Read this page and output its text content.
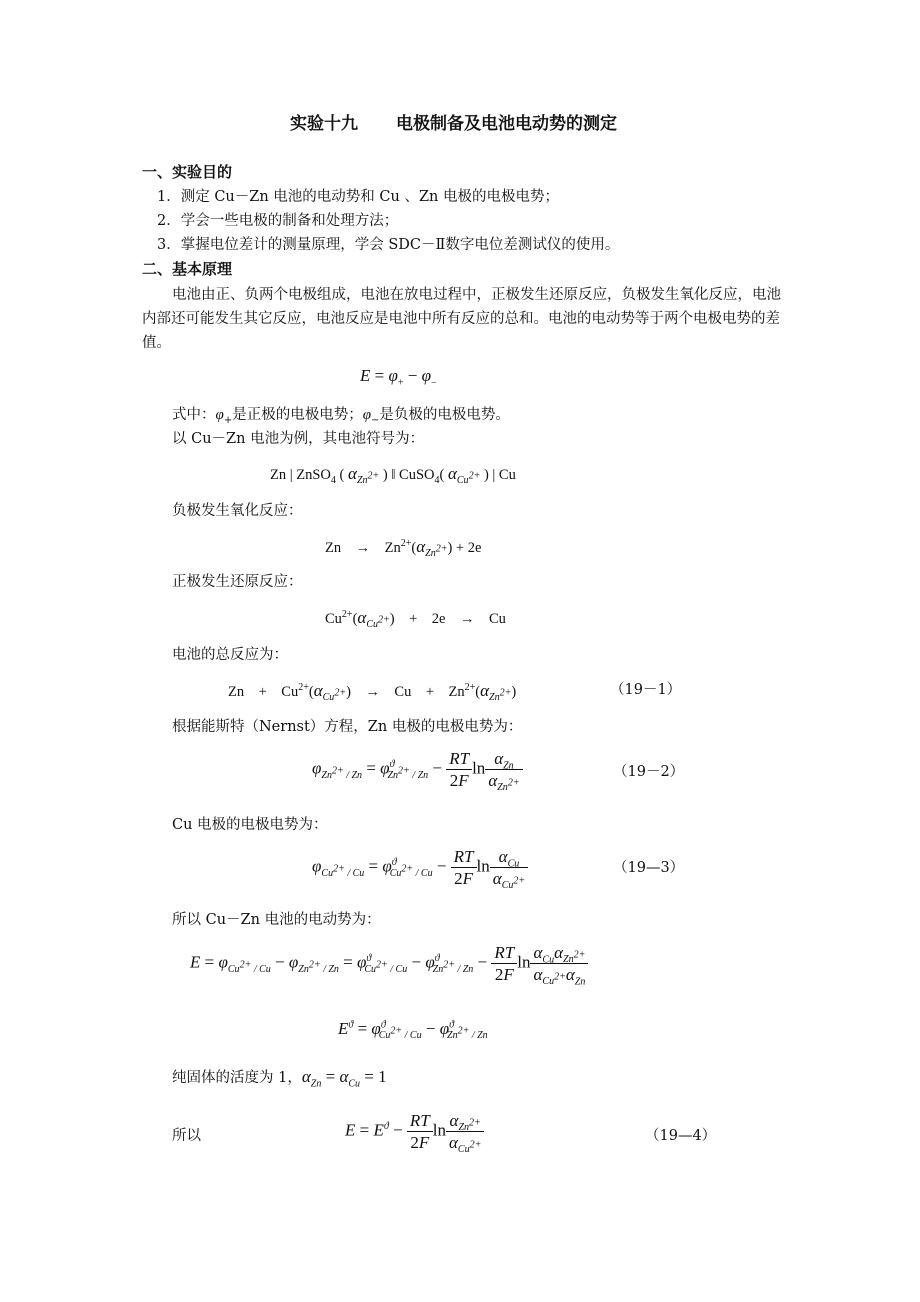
实验十九 电极制备及电池电动势的测定
一、实验目的
1．测定 Cu－Zn 电池的电动势和 Cu 、Zn 电极的电极电势；
2．学会一些电极的制备和处理方法；
3．掌握电位差计的测量原理，学会 SDC－Ⅱ数字电位差测试仪的使用。
二、基本原理

电池由正、负两个电极组成，电池在放电过程中，正极发生还原反应，负极发生氧化反应，电池内部还可能发生其它反应，电池反应是电池中所有反应的总和。电池的电动势等于两个电极电势的差值。

$E = \varphi_+ - \varphi_-$
式中：$\varphi_+$是正极的电极电势；$\varphi_-$是负极的电极电势。
以 Cu－Zn 电池为例，其电池符号为：
Zn | ZnSO$_4$ ( $\alpha_{Zn^{2+}}$ ) ‖ CuSO$_4$( $\alpha_{Cu^{2+}}$ ) | Cu
负极发生氧化反应：
Zn    →    $Zn^{2+}(\alpha_{Zn^{2+}}) + 2e$
正极发生还原反应：
$Cu^{2+}(\alpha_{Cu^{2+}})$    +    2e    →    Cu
电池的总反应为：
Zn    +    $Cu^{2+}(\alpha_{Cu^{2+}})$    →    Cu    +    $Zn^{2+}(\alpha_{Zn^{2+}})$	（19－1）
根据能斯特（Nernst）方程，Zn 电极的电极电势为：
$\varphi_{Zn^{2+} / Zn} = \varphi^ϑ_{Zn^{2+} / Zn} - \frac{RT}{2F}$ $\ln \frac{\alpha_{Zn}}{\alpha_{Zn^{2+}}}$	（19－2）
Cu 电极的电极电势为：
$\varphi_{Cu^{2+} / Cu} = \varphi^ϑ_{Cu^{2+} / Cu} - \frac{RT}{2F}$ $\ln \frac{\alpha_{Cu}}{\alpha_{Cu^{2+}}}$	（19—3）
所以 Cu－Zn 电池的电动势为：
$E = \varphi_{Cu^{2+} / Cu} - \varphi_{Zn^{2+} / Zn} = \varphi^ϑ_{Cu^{2+} / Cu} - \varphi^ϑ_{Zn^{2+} / Zn} - \frac{RT}{2F}$ $\ln \frac{\alpha_{Cu}\alpha_{Zn^{2+}}}{\alpha_{Cu^{2+}}\alpha_{Zn}}$
$E^ϑ = \varphi^ϑ_{Cu^{2+} / Cu} - \varphi^ϑ_{Zn^{2+} / Zn}$
纯固体的活度为 1，$\alpha_{Zn} = \alpha_{Cu} = 1$
所以	$E = E^ϑ - \frac{RT}{2F}$ $\ln \frac{\alpha_{Zn^{2+}}}{\alpha_{Cu^{2+}}}$	（19—4）
